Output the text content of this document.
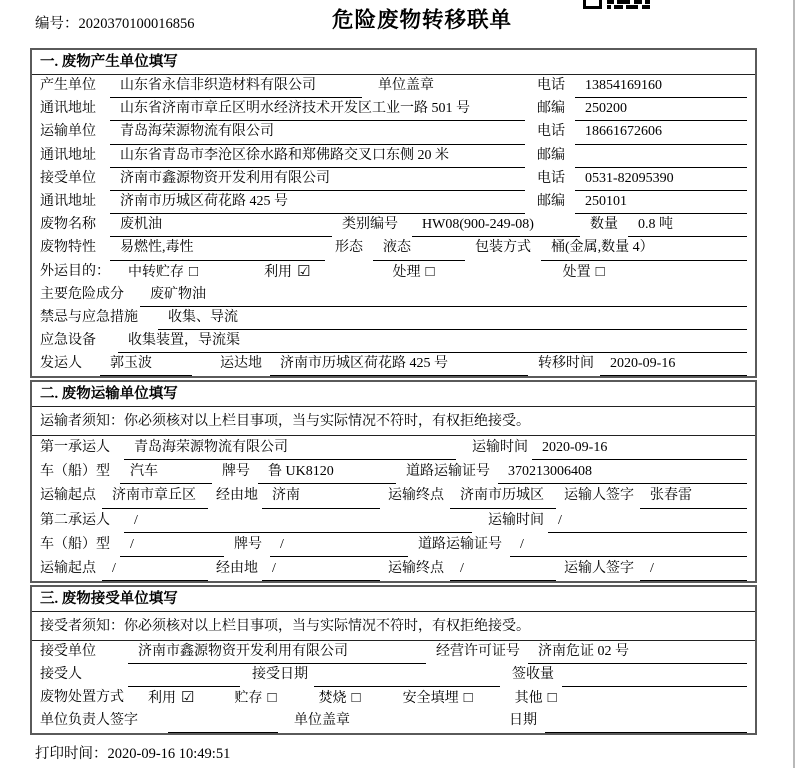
编号：2020370100016856	危险废物转移联单
一. 废物产生单位填写
产生单位	山东省永信非织造材料有限公司	单位盖章	电话	13854169160
通讯地址	山东省济南市章丘区明水经济技术开发区工业一路 501 号	邮编	250200
运输单位	青岛海荣源物流有限公司	电话	18661672606
通讯地址	山东省青岛市李沧区徐水路和郑佛路交叉口东侧 20 米	邮编
接受单位	济南市鑫源物资开发利用有限公司	电话	0531-82095390
通讯地址	济南市历城区荷花路 425 号	邮编	250101
废物名称	废机油	类别编号	HW08(900-249-08)	数量	0.8 吨
废物特性	易燃性,毒性	形态	液态	包装方式	桶(金属,数量 4）
外运目的：	中转贮存 □	利用 ☑	处理 □	处置 □
主要危险成分	废矿物油
禁忌与应急措施	收集、导流
应急设备	收集装置，导流渠
发运人	郭玉波	运达地	济南市历城区荷花路 425 号	转移时间	2020-09-16
二. 废物运输单位填写
运输者须知：你必须核对以上栏目事项，当与实际情况不符时，有权拒绝接受。
第一承运人	青岛海荣源物流有限公司	运输时间	2020-09-16
车（船）型	汽车	牌号	鲁 UK8120	道路运输证号	370213006408
运输起点	济南市章丘区	经由地	济南	运输终点	济南市历城区	运输人签字	张春雷
第二承运人	/	运输时间	/
车（船）型	/	牌号	/	道路运输证号	/
运输起点	/	经由地	/	运输终点	/	运输人签字	/
三. 废物接受单位填写
接受者须知：你必须核对以上栏目事项，当与实际情况不符时，有权拒绝接受。
接受单位	济南市鑫源物资开发利用有限公司	经营许可证号	济南危证 02 号
接受人	接受日期	签收量
废物处置方式	利用 ☑	贮存 □	焚烧 □	安全填埋 □	其他 □
单位负责人签字	单位盖章	日期
打印时间：2020-09-16 10:49:51
